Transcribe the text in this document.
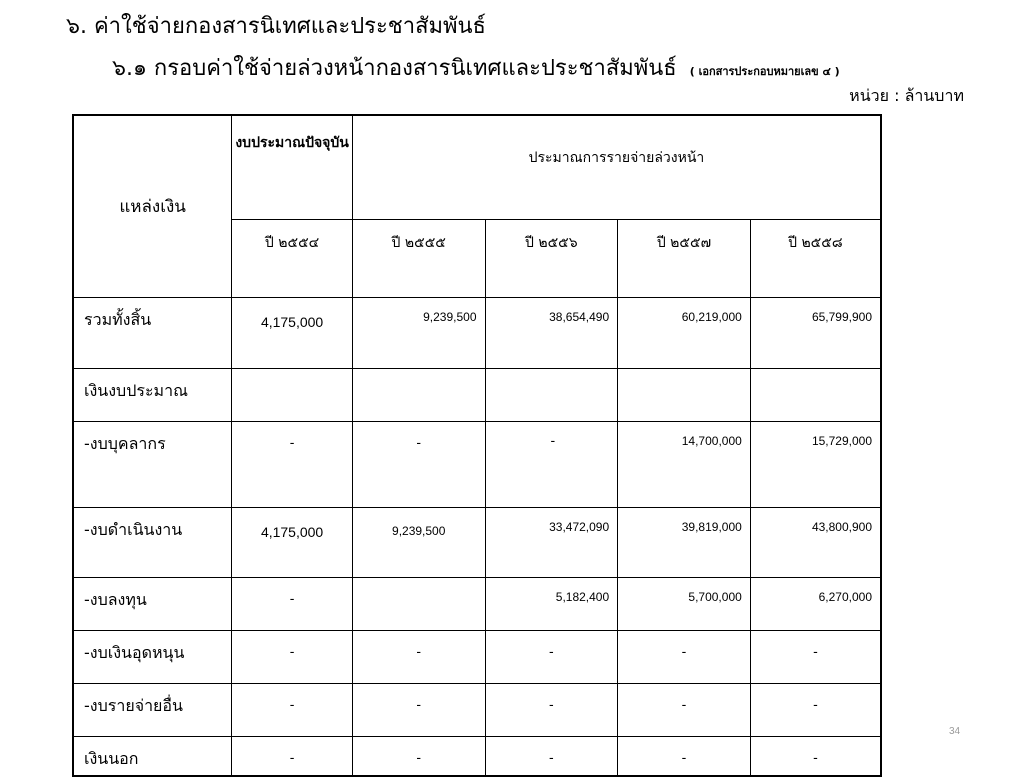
๖. ค่าใช้จ่ายกองสารนิเทศและประชาสัมพันธ์
๖.๑ กรอบค่าใช้จ่ายล่วงหน้ากองสารนิเทศและประชาสัมพันธ์ ( เอกสารประกอบหมายเลข ๔ )
หน่วย : ล้านบาท
แหล่งเงิน	งบประมาณปัจจุบัน	ประมาณการรายจ่ายล่วงหน้า			
	ปี ๒๕๕๔	ปี ๒๕๕๕	ปี ๒๕๕๖	ปี ๒๕๕๗	ปี ๒๕๕๘
รวมทั้งสิ้น	4,175,000	9,239,500	38,654,490	60,219,000	65,799,900
เงินงบประมาณ					
-งบบุคลากร	-	-	-	14,700,000	15,729,000
-งบดำเนินงาน	4,175,000	9,239,500	33,472,090	39,819,000	43,800,900
-งบลงทุน	-		5,182,400	5,700,000	6,270,000
-งบเงินอุดหนุน	-	-	-	-	-
-งบรายจ่ายอื่น	-	-	-	-	-
เงินนอก	-	-	-	-	-
34
